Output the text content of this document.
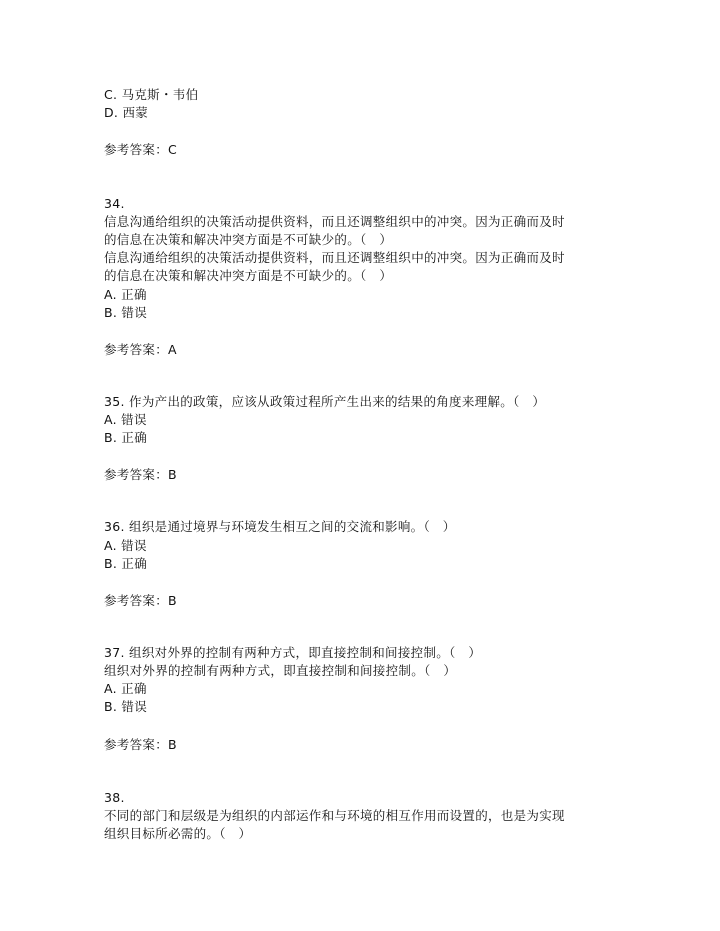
C. 马克斯・韦伯
D. 西蒙
参考答案：C
34.
信息沟通给组织的决策活动提供资料，而且还调整组织中的冲突。因为正确而及时
的信息在决策和解决冲突方面是不可缺少的。（　）
信息沟通给组织的决策活动提供资料，而且还调整组织中的冲突。因为正确而及时
的信息在决策和解决冲突方面是不可缺少的。（　）
A. 正确
B. 错误
参考答案：A
35. 作为产出的政策，应该从政策过程所产生出来的结果的角度来理解。（　）
A. 错误
B. 正确
参考答案：B
36. 组织是通过境界与环境发生相互之间的交流和影响。（　）
A. 错误
B. 正确
参考答案：B
37. 组织对外界的控制有两种方式，即直接控制和间接控制。（　）
组织对外界的控制有两种方式，即直接控制和间接控制。（　）
A. 正确
B. 错误
参考答案：B
38.
不同的部门和层级是为组织的内部运作和与环境的相互作用而设置的，也是为实现
组织目标所必需的。（　）
